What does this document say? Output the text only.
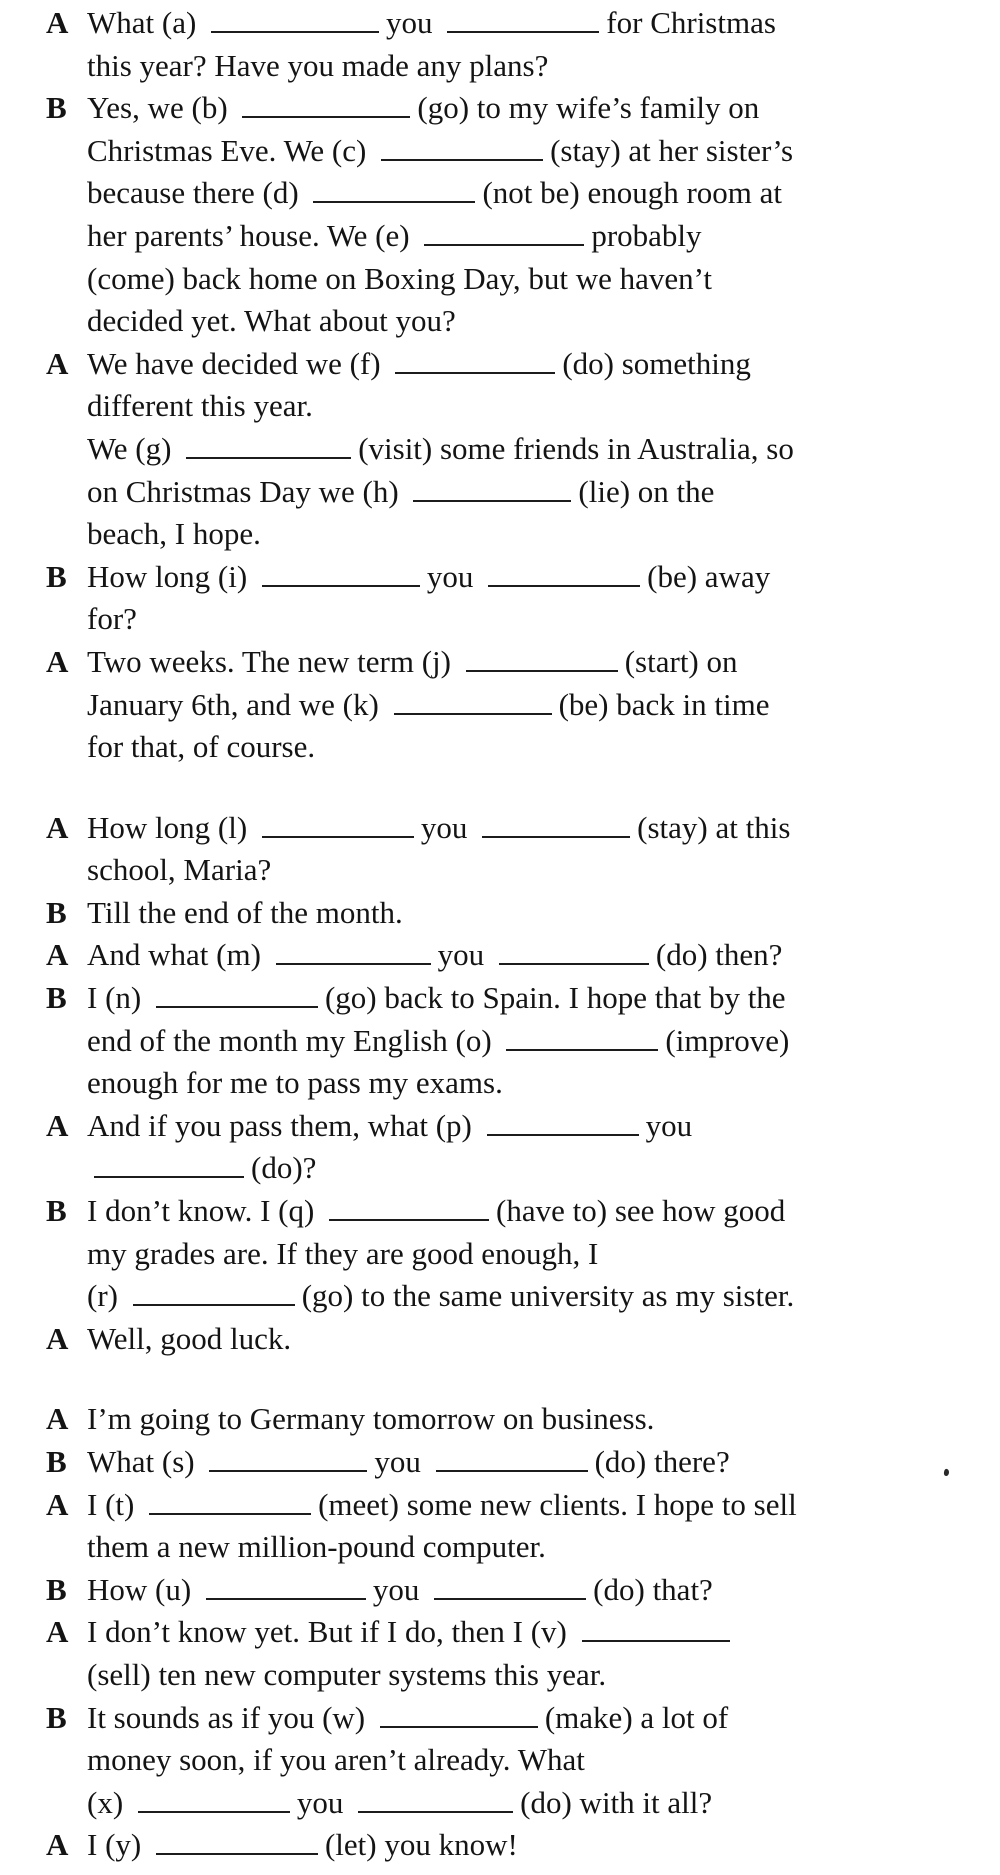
A What (a)	you	for Christmas
this year? Have you made any plans?
B Yes, we (b)	(go) to my wife’s family on
Christmas Eve. We (c)	(stay) at her sister’s
because there (d)	(not be) enough room at
her parents’ house. We (e)	probably
(come) back home on Boxing Day, but we haven’t
decided yet. What about you?
A We have decided we (f)	(do) something
different this year.
We (g)	(visit) some friends in Australia, so
on Christmas Day we (h)	(lie) on the
beach, I hope.
B How long (i)	you	(be) away
for?
A Two weeks. The new term (j)	(start) on
January 6th, and we (k)	(be) back in time
for that, of course.
A How long (l)	you	(stay) at this
school, Maria?
B Till the end of the month.
A And what (m)	you	(do) then?
B I (n)	(go) back to Spain. I hope that by the
end of the month my English (o)	(improve)
enough for me to pass my exams.
A And if you pass them, what (p)	you
(do)?
B I don’t know. I (q)	(have to) see how good
my grades are. If they are good enough, I
(r)	(go) to the same university as my sister.
A Well, good luck.
A I’m going to Germany tomorrow on business.
B What (s)	you	(do) there?
A I (t)	(meet) some new clients. I hope to sell
them a new million-pound computer.
B How (u)	you	(do) that?
A I don’t know yet. But if I do, then I (v)
(sell) ten new computer systems this year.
B It sounds as if you (w)	(make) a lot of
money soon, if you aren’t already. What
(x)	you	(do) with it all?
A I (y)	(let) you know!
